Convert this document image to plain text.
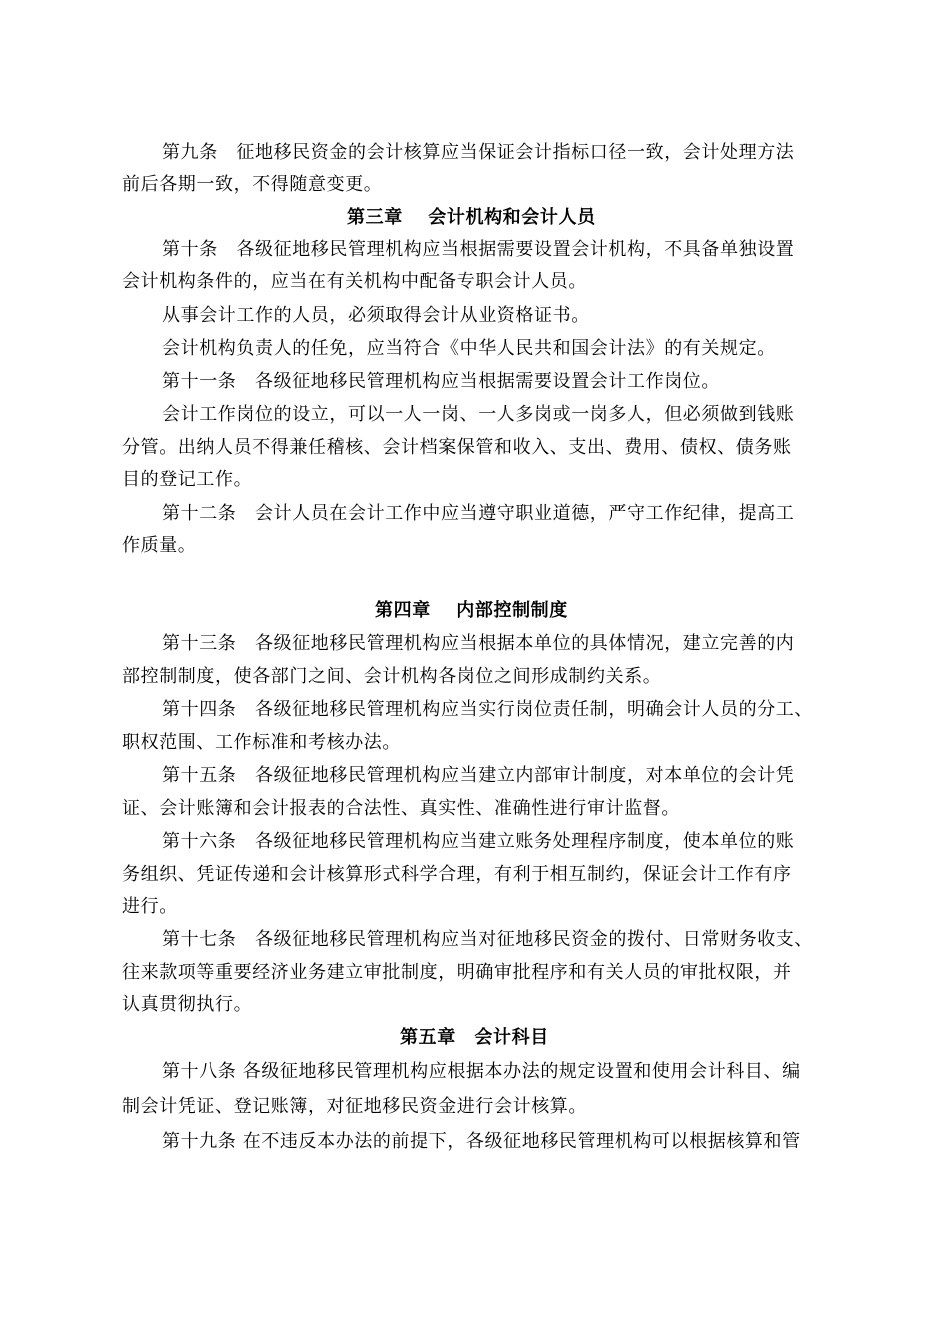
第九条　征地移民资金的会计核算应当保证会计指标口径一致，会计处理方法
前后各期一致，不得随意变更。
第三章　 会计机构和会计人员
第十条　各级征地移民管理机构应当根据需要设置会计机构，不具备单独设置
会计机构条件的，应当在有关机构中配备专职会计人员。
从事会计工作的人员，必须取得会计从业资格证书。
会计机构负责人的任免，应当符合《中华人民共和国会计法》的有关规定。
第十一条　各级征地移民管理机构应当根据需要设置会计工作岗位。
会计工作岗位的设立，可以一人一岗、一人多岗或一岗多人，但必须做到钱账
分管。出纳人员不得兼任稽核、会计档案保管和收入、支出、费用、债权、债务账
目的登记工作。
第十二条　会计人员在会计工作中应当遵守职业道德，严守工作纪律，提高工
作质量。
第四章　 内部控制制度
第十三条　各级征地移民管理机构应当根据本单位的具体情况，建立完善的内
部控制制度，使各部门之间、会计机构各岗位之间形成制约关系。
第十四条　各级征地移民管理机构应当实行岗位责任制，明确会计人员的分工、
职权范围、工作标准和考核办法。
第十五条　各级征地移民管理机构应当建立内部审计制度，对本单位的会计凭
证、会计账簿和会计报表的合法性、真实性、准确性进行审计监督。
第十六条　各级征地移民管理机构应当建立账务处理程序制度，使本单位的账
务组织、凭证传递和会计核算形式科学合理，有利于相互制约，保证会计工作有序
进行。
第十七条　各级征地移民管理机构应当对征地移民资金的拨付、日常财务收支、
往来款项等重要经济业务建立审批制度，明确审批程序和有关人员的审批权限，并
认真贯彻执行。
第五章　会计科目
第十八条 各级征地移民管理机构应根据本办法的规定设置和使用会计科目、编
制会计凭证、登记账簿，对征地移民资金进行会计核算。
第十九条 在不违反本办法的前提下，各级征地移民管理机构可以根据核算和管
